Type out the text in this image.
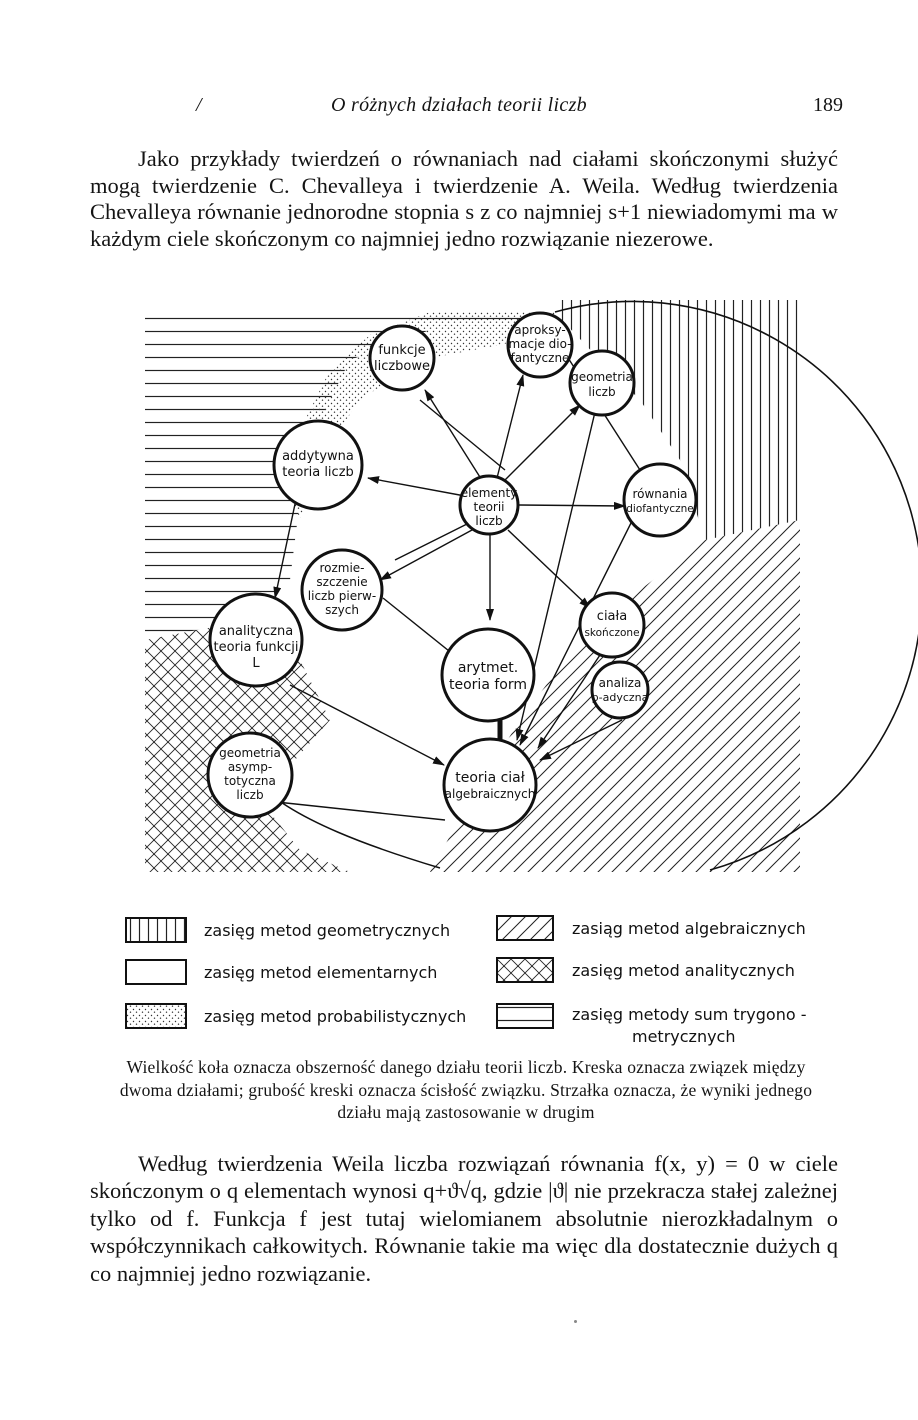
/	O różnych działach teorii liczb	189
Jako przykłady twierdzeń o równaniach nad ciałami skończonymi służyć mogą twierdzenie C. Chevalleya i twierdzenie A. Weila. Według twierdzenia Chevalleya równanie jednorodne stopnia s z co najmniej s+1 niewiadomymi ma w każdym ciele skończonym co najmniej jedno rozwiązanie niezerowe.
funkcje
liczbowe
aproksy-
macje dio-
fantyczne
geometria
liczb
addytywna
teoria liczb
elementy
teorii
liczb
równania
diofantyczne
rozmie-
szczenie
liczb pierw-
szych
analityczna
teoria funkcji
L
ciała
skończone
arytmet.
teoria form	analiza
p-adyczna
geometria
asymp-
totyczna
liczb
teoria ciał
algebraicznych
zasięg metod geometrycznych
zasięg metod elementarnych
zasięg metod probabilistycznych
zasiąg metod algebraicznych
zasięg metod analitycznych
zasięg metody sum trygono -
metrycznych
Wielkość koła oznacza obszerność danego działu teorii liczb. Kreska oznacza związek między dwoma działami; grubość kreski oznacza ścisłość związku. Strzałka oznacza, że wyniki jednego działu mają zastosowanie w drugim
Według twierdzenia Weila liczba rozwiązań równania f(x, y) = 0 w ciele skończonym o q elementach wynosi q+ϑ√q, gdzie |ϑ| nie przekracza stałej zależnej tylko od f. Funkcja f jest tutaj wielomianem absolutnie nierozkładalnym o współczynnikach całkowitych. Równanie takie ma więc dla dostatecznie dużych q co najmniej jedno rozwiązanie.
